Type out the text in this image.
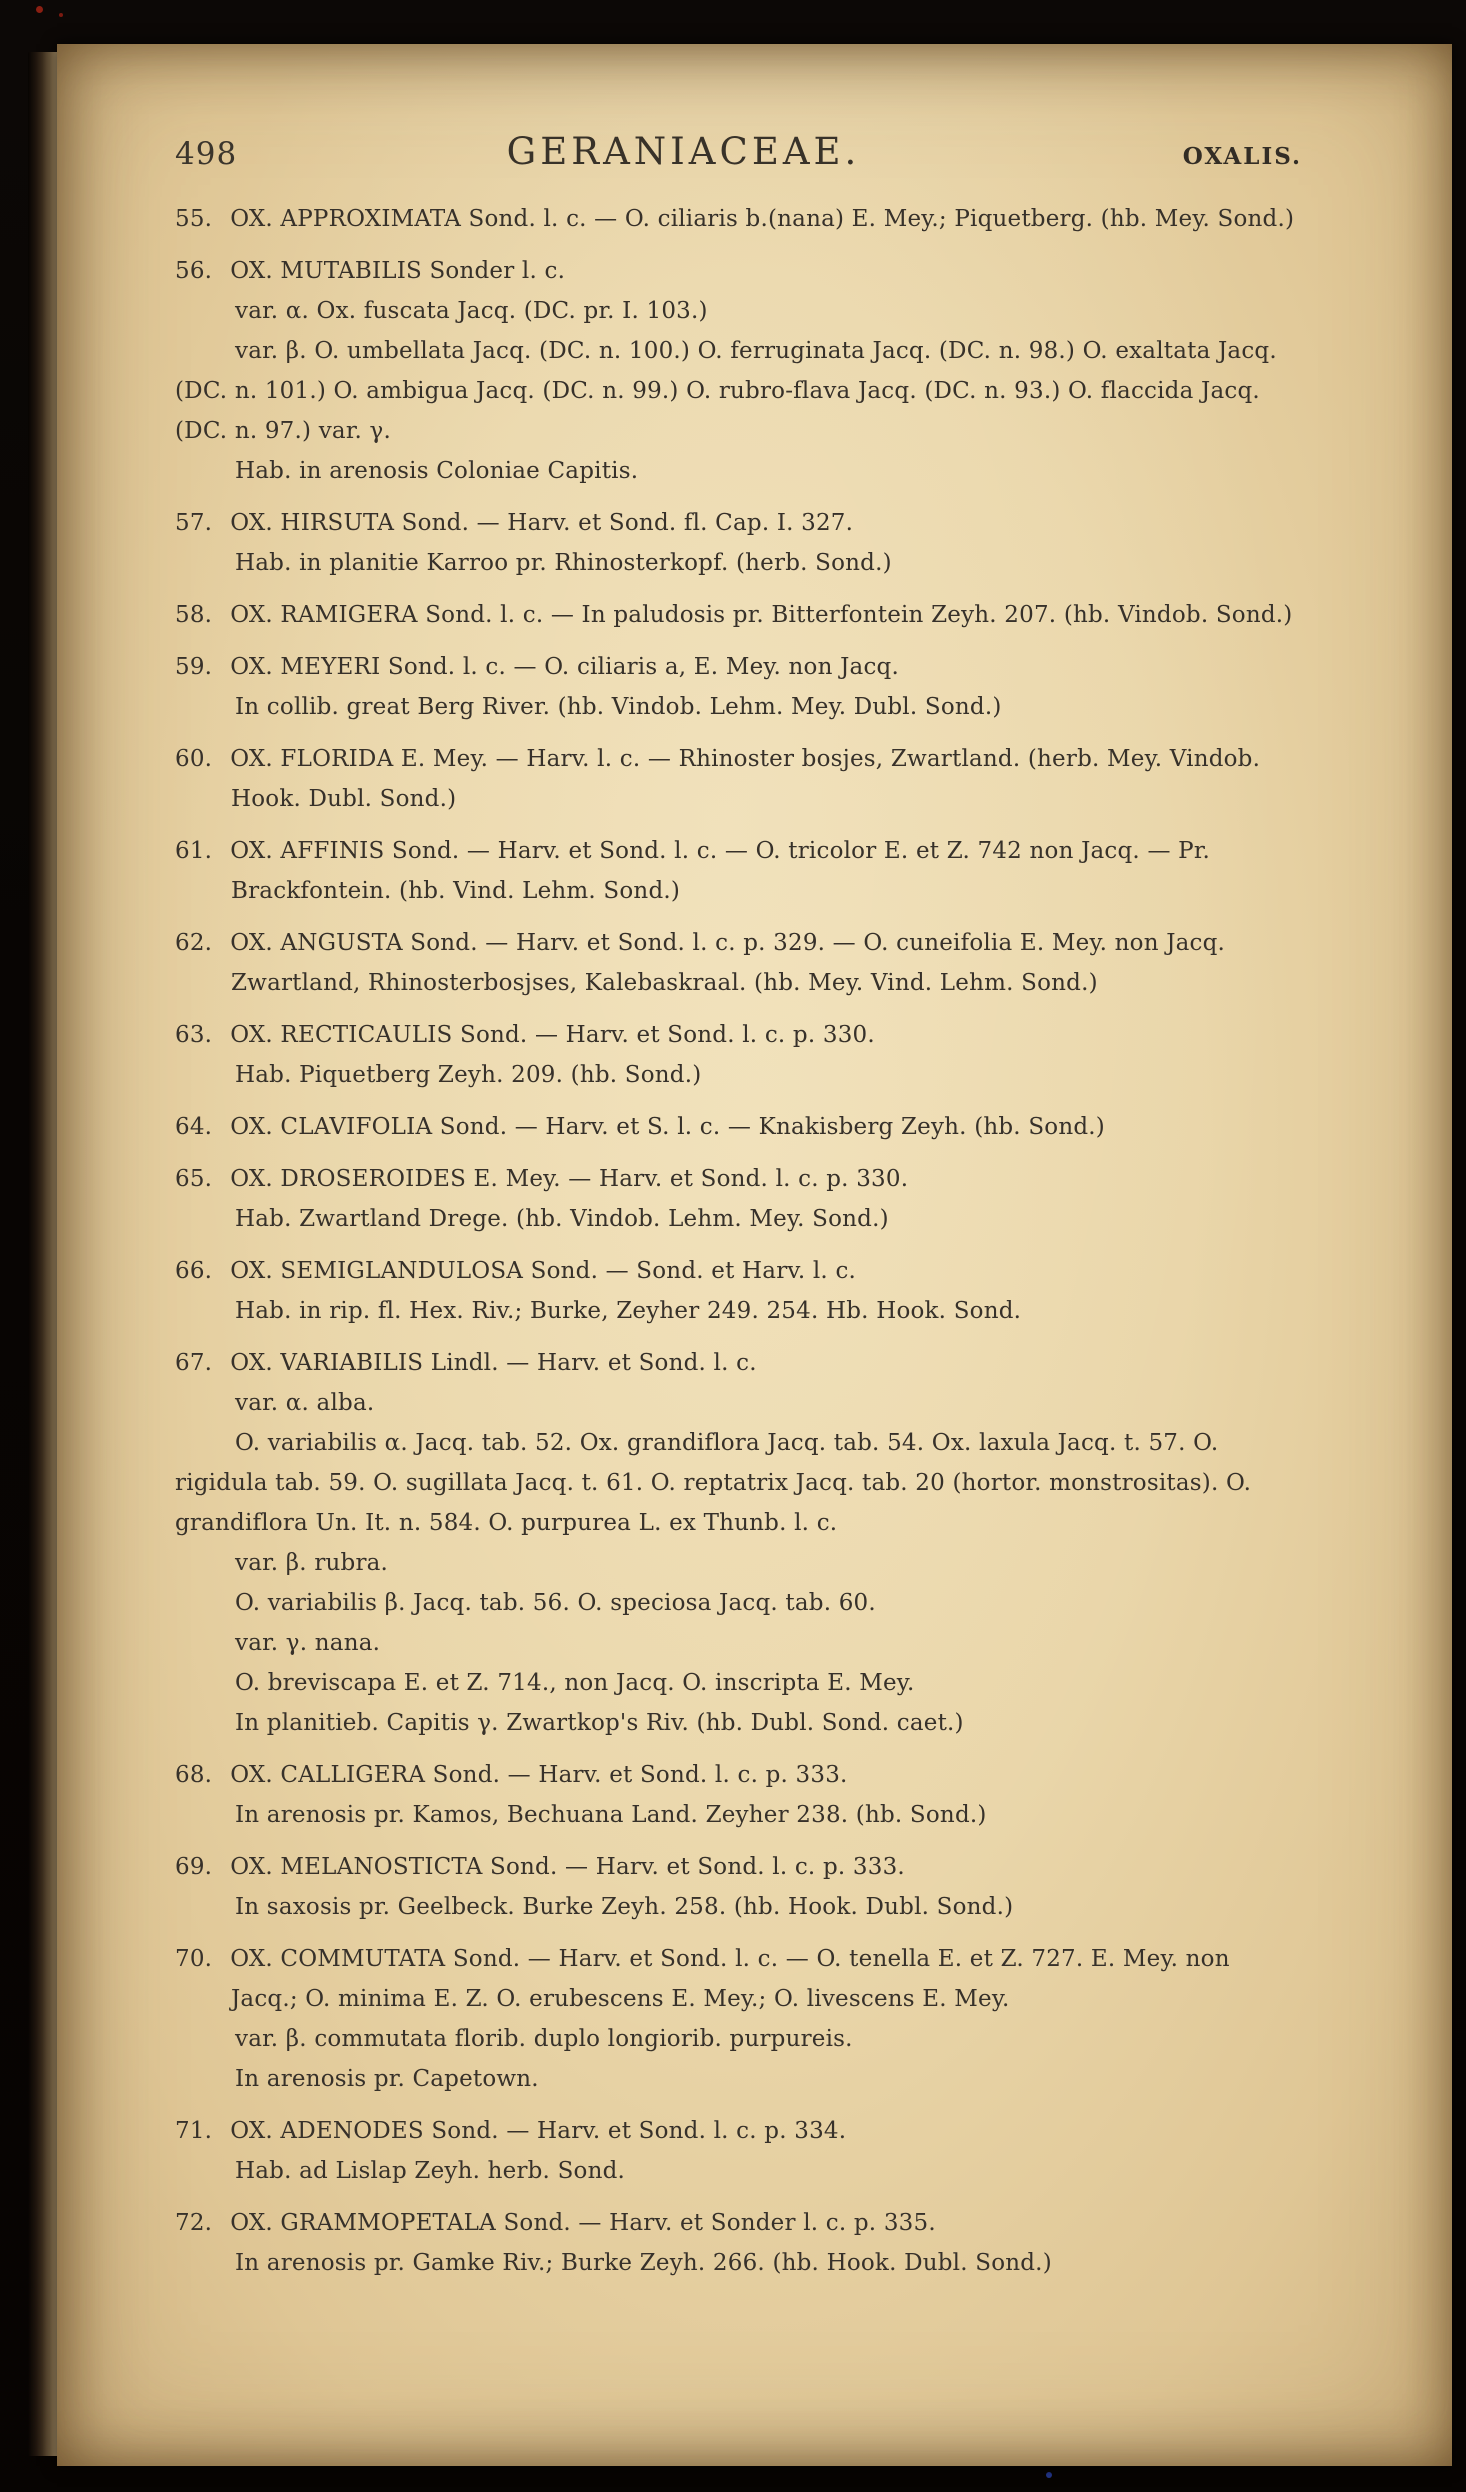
498	GERANIACEAE.	OXALIS.

55. OX. APPROXIMATA Sond. l. c. — O. ciliaris b.(nana) E. Mey.; Piquetberg. (hb. Mey. Sond.)

56. OX. MUTABILIS Sonder l. c.

var. α. Ox. fuscata Jacq. (DC. pr. I. 103.)

var. β. O. umbellata Jacq. (DC. n. 100.) O. ferruginata Jacq. (DC. n. 98.) O. exaltata Jacq. (DC. n. 101.) O. ambigua Jacq. (DC. n. 99.) O. rubro-flava Jacq. (DC. n. 93.) O. flaccida Jacq. (DC. n. 97.) var. γ.

Hab. in arenosis Coloniae Capitis.

57. OX. HIRSUTA Sond. — Harv. et Sond. fl. Cap. I. 327.

Hab. in planitie Karroo pr. Rhinosterkopf. (herb. Sond.)

58. OX. RAMIGERA Sond. l. c. — In paludosis pr. Bitterfontein Zeyh. 207. (hb. Vindob. Sond.)

59. OX. MEYERI Sond. l. c. — O. ciliaris a, E. Mey. non Jacq.

In collib. great Berg River. (hb. Vindob. Lehm. Mey. Dubl. Sond.)

60. OX. FLORIDA E. Mey. — Harv. l. c. — Rhinoster bosjes, Zwartland. (herb. Mey. Vindob. Hook. Dubl. Sond.)

61. OX. AFFINIS Sond. — Harv. et Sond. l. c. — O. tricolor E. et Z. 742 non Jacq. — Pr. Brackfontein. (hb. Vind. Lehm. Sond.)

62. OX. ANGUSTA Sond. — Harv. et Sond. l. c. p. 329. — O. cuneifolia E. Mey. non Jacq. Zwartland, Rhinosterbosjses, Kalebaskraal. (hb. Mey. Vind. Lehm. Sond.)

63. OX. RECTICAULIS Sond. — Harv. et Sond. l. c. p. 330.

Hab. Piquetberg Zeyh. 209. (hb. Sond.)

64. OX. CLAVIFOLIA Sond. — Harv. et S. l. c. — Knakisberg Zeyh. (hb. Sond.)

65. OX. DROSEROIDES E. Mey. — Harv. et Sond. l. c. p. 330.

Hab. Zwartland Drege. (hb. Vindob. Lehm. Mey. Sond.)

66. OX. SEMIGLANDULOSA Sond. — Sond. et Harv. l. c.

Hab. in rip. fl. Hex. Riv.; Burke, Zeyher 249. 254. Hb. Hook. Sond.

67. OX. VARIABILIS Lindl. — Harv. et Sond. l. c.

var. α. alba.

O. variabilis α. Jacq. tab. 52. Ox. grandiflora Jacq. tab. 54. Ox. laxula Jacq. t. 57. O. rigidula tab. 59. O. sugillata Jacq. t. 61. O. reptatrix Jacq. tab. 20 (hortor. monstrositas). O. grandiflora Un. It. n. 584. O. purpurea L. ex Thunb. l. c.

var. β. rubra.

O. variabilis β. Jacq. tab. 56. O. speciosa Jacq. tab. 60.

var. γ. nana.

O. breviscapa E. et Z. 714., non Jacq. O. inscripta E. Mey.

In planitieb. Capitis γ. Zwartkop's Riv. (hb. Dubl. Sond. caet.)

68. OX. CALLIGERA Sond. — Harv. et Sond. l. c. p. 333.

In arenosis pr. Kamos, Bechuana Land. Zeyher 238. (hb. Sond.)

69. OX. MELANOSTICTA Sond. — Harv. et Sond. l. c. p. 333.

In saxosis pr. Geelbeck. Burke Zeyh. 258. (hb. Hook. Dubl. Sond.)

70. OX. COMMUTATA Sond. — Harv. et Sond. l. c. — O. tenella E. et Z. 727. E. Mey. non Jacq.; O. minima E. Z. O. erubescens E. Mey.; O. livescens E. Mey.

var. β. commutata florib. duplo longiorib. purpureis.

In arenosis pr. Capetown.

71. OX. ADENODES Sond. — Harv. et Sond. l. c. p. 334.

Hab. ad Lislap Zeyh. herb. Sond.

72. OX. GRAMMOPETALA Sond. — Harv. et Sonder l. c. p. 335.

In arenosis pr. Gamke Riv.; Burke Zeyh. 266. (hb. Hook. Dubl. Sond.)
